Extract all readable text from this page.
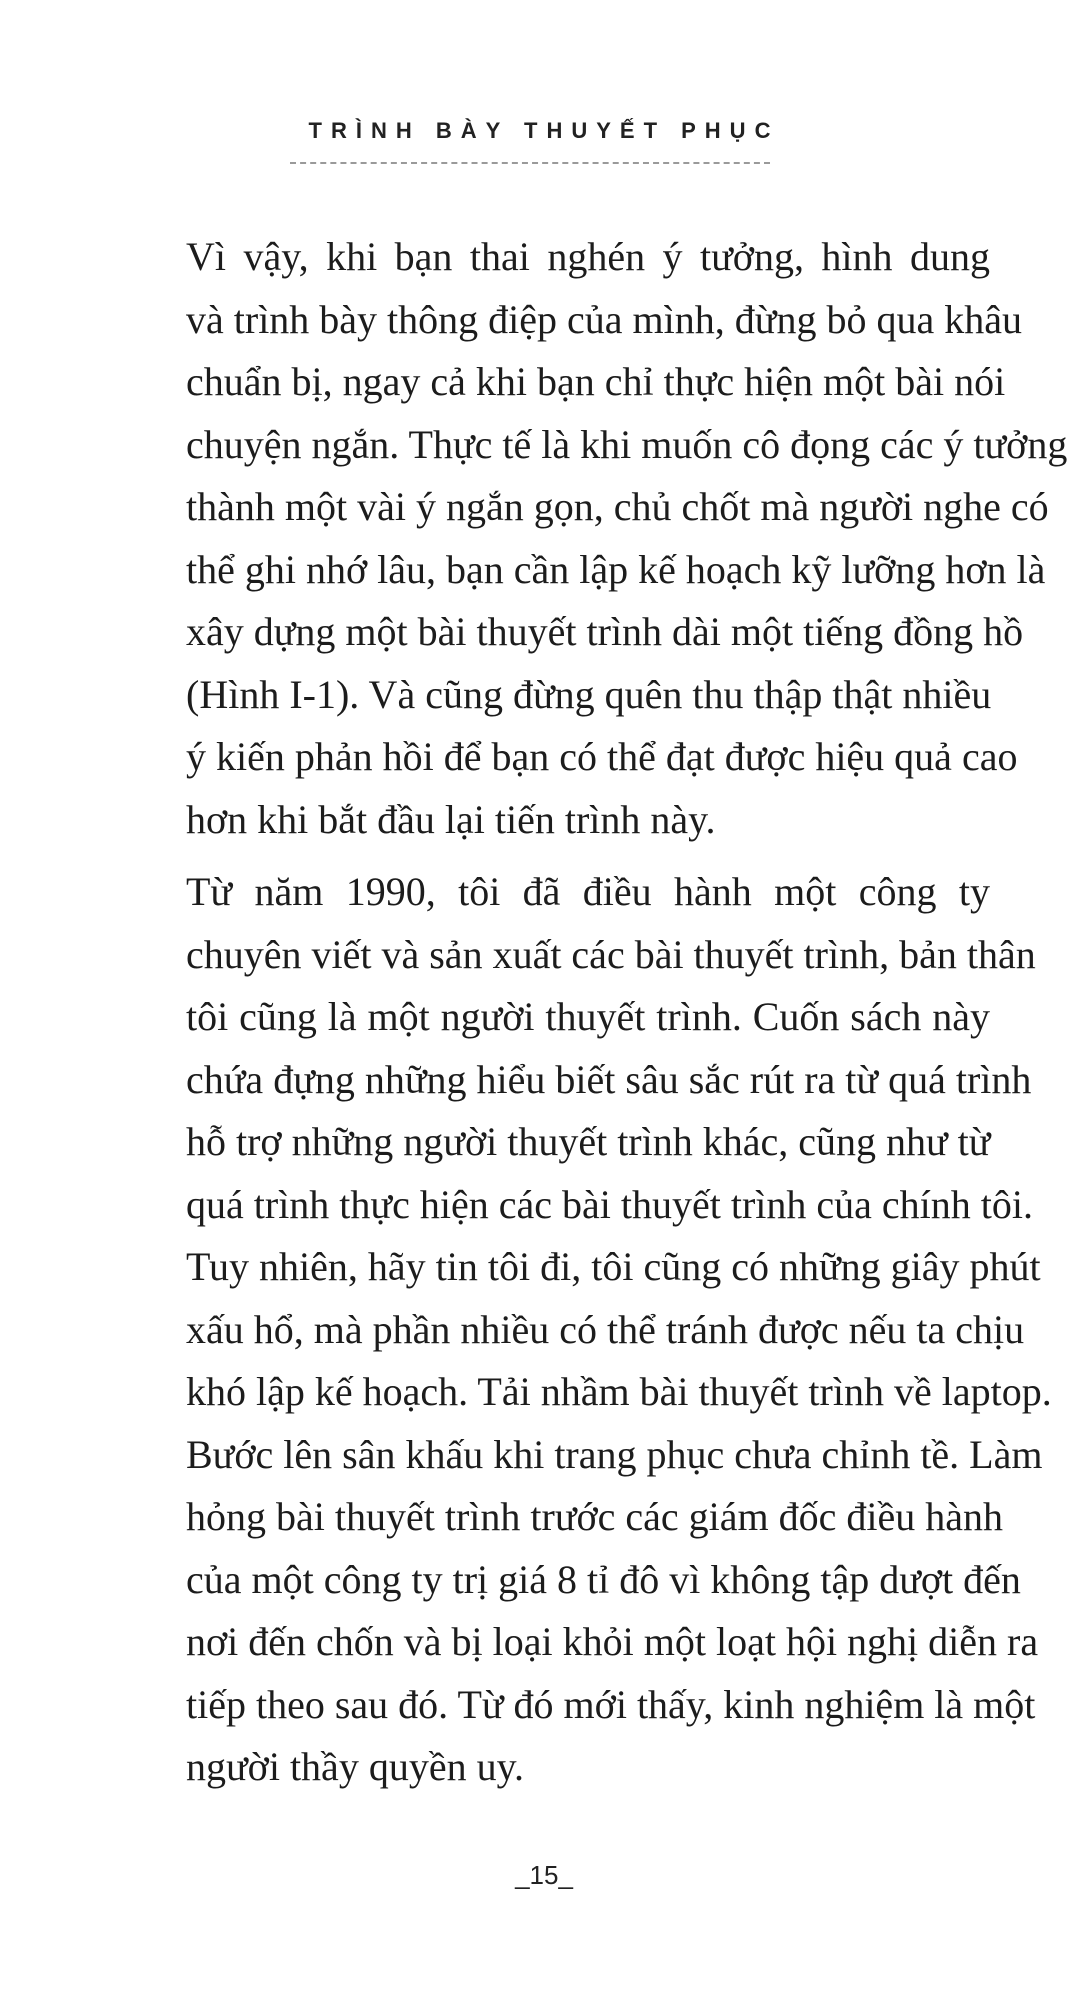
TRÌNH BÀY THUYẾT PHỤC

Vì vậy, khi bạn thai nghén ý tưởng, hình dung
và trình bày thông điệp của mình, đừng bỏ qua khâu
chuẩn bị, ngay cả khi bạn chỉ thực hiện một bài nói
chuyện ngắn. Thực tế là khi muốn cô đọng các ý tưởng
thành một vài ý ngắn gọn, chủ chốt mà người nghe có
thể ghi nhớ lâu, bạn cần lập kế hoạch kỹ lưỡng hơn là
xây dựng một bài thuyết trình dài một tiếng đồng hồ
(Hình I-1). Và cũng đừng quên thu thập thật nhiều
ý kiến phản hồi để bạn có thể đạt được hiệu quả cao
hơn khi bắt đầu lại tiến trình này.

Từ năm 1990, tôi đã điều hành một công ty
chuyên viết và sản xuất các bài thuyết trình, bản thân
tôi cũng là một người thuyết trình. Cuốn sách này
chứa đựng những hiểu biết sâu sắc rút ra từ quá trình
hỗ trợ những người thuyết trình khác, cũng như từ
quá trình thực hiện các bài thuyết trình của chính tôi.
Tuy nhiên, hãy tin tôi đi, tôi cũng có những giây phút
xấu hổ, mà phần nhiều có thể tránh được nếu ta chịu
khó lập kế hoạch. Tải nhầm bài thuyết trình về laptop.
Bước lên sân khấu khi trang phục chưa chỉnh tề. Làm
hỏng bài thuyết trình trước các giám đốc điều hành
của một công ty trị giá 8 tỉ đô vì không tập dượt đến
nơi đến chốn và bị loại khỏi một loạt hội nghị diễn ra
tiếp theo sau đó. Từ đó mới thấy, kinh nghiệm là một
người thầy quyền uy.

_15_
